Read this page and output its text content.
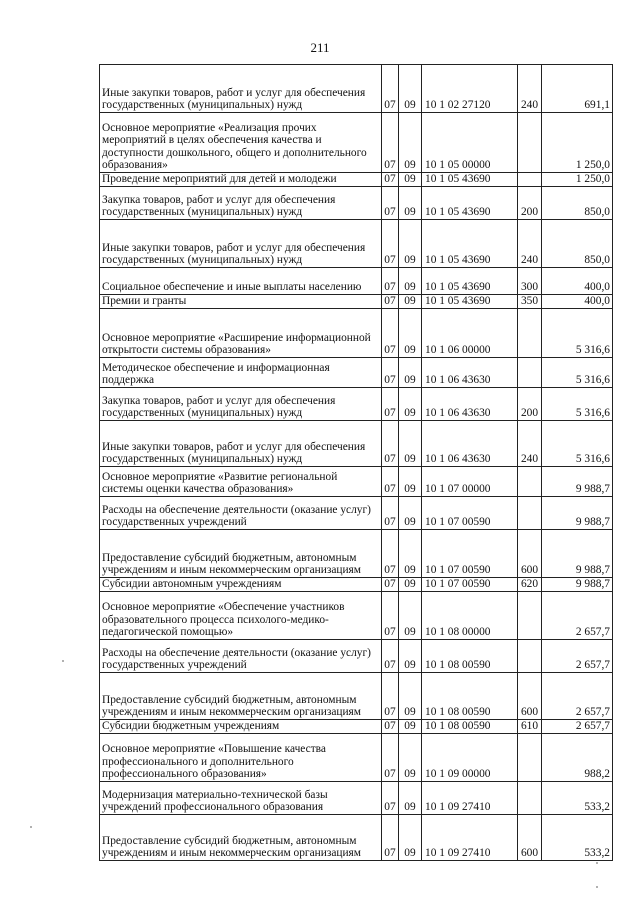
211
Иные закупки товаров, работ и услуг для обеспечения государственных (муниципальных) нужд	07	09	10 1 02 27120	240	691,1
Основное мероприятие «Реализация прочих мероприятий в целях обеспечения качества и доступности дошкольного, общего и дополнительного образования»	07	09	10 1 05 00000		1 250,0
Проведение мероприятий для детей и молодежи	07	09	10 1 05 43690		1 250,0
Закупка товаров, работ и услуг для обеспечения государственных (муниципальных) нужд	07	09	10 1 05 43690	200	850,0
Иные закупки товаров, работ и услуг для обеспечения государственных (муниципальных) нужд	07	09	10 1 05 43690	240	850,0
Социальное обеспечение и иные выплаты населению	07	09	10 1 05 43690	300	400,0
Премии и гранты	07	09	10 1 05 43690	350	400,0
Основное мероприятие «Расширение информационной открытости системы образования»	07	09	10 1 06 00000		5 316,6
Методическое обеспечение и информационная поддержка	07	09	10 1 06 43630		5 316,6
Закупка товаров, работ и услуг для обеспечения государственных (муниципальных) нужд	07	09	10 1 06 43630	200	5 316,6
Иные закупки товаров, работ и услуг для обеспечения государственных (муниципальных) нужд	07	09	10 1 06 43630	240	5 316,6
Основное мероприятие «Развитие региональной системы оценки качества образования»	07	09	10 1 07 00000		9 988,7
Расходы на обеспечение деятельности (оказание услуг) государственных учреждений	07	09	10 1 07 00590		9 988,7
Предоставление субсидий бюджетным, автономным учреждениям и иным некоммерческим организациям	07	09	10 1 07 00590	600	9 988,7
Субсидии автономным учреждениям	07	09	10 1 07 00590	620	9 988,7
Основное мероприятие «Обеспечение участников образовательного процесса психолого-медико-педагогической помощью»	07	09	10 1 08 00000		2 657,7
Расходы на обеспечение деятельности (оказание услуг) государственных учреждений	07	09	10 1 08 00590		2 657,7
Предоставление субсидий бюджетным, автономным учреждениям и иным некоммерческим организациям	07	09	10 1 08 00590	600	2 657,7
Субсидии бюджетным учреждениям	07	09	10 1 08 00590	610	2 657,7
Основное мероприятие «Повышение качества профессионального и дополнительного профессионального образования»	07	09	10 1 09 00000		988,2
Модернизация материально-технической базы учреждений профессионального образования	07	09	10 1 09 27410		533,2
Предоставление субсидий бюджетным, автономным учреждениям и иным некоммерческим организациям	07	09	10 1 09 27410	600	533,2
